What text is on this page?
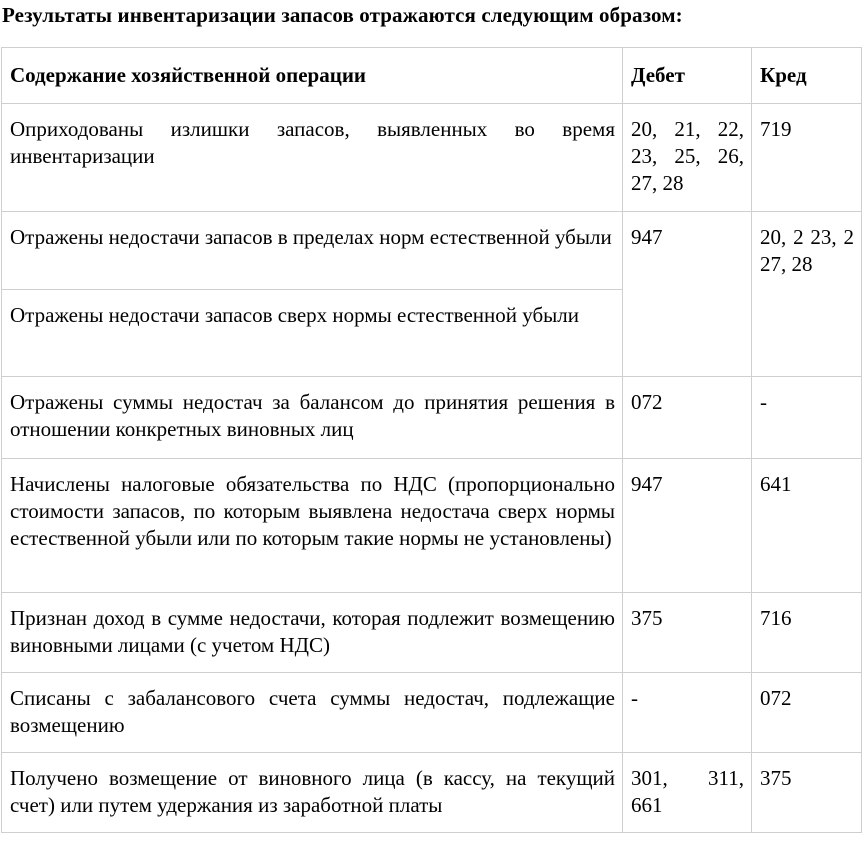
Результаты инвентаризации запасов отражаются следующим образом:
Содержание хозяйственной операции	Дебет	Кред
Оприходованы излишки запасов, выявленных во время инвентаризации	20, 21, 22, 23, 25, 26, 27, 28	719
Отражены недостачи запасов в пределах норм естественной убыли	947	20, 2 23, 2 27, 28
Отражены недостачи запасов сверх нормы естественной убыли		
Отражены суммы недостач за балансом до принятия решения в отношении конкретных виновных лиц	072	-
Начислены налоговые обязательства по НДС (пропорционально стоимости запасов, по которым выявлена недостача сверх нормы естественной убыли или по которым такие нормы не установлены)	947	641
Признан доход в сумме недостачи, которая подлежит возмещению виновными лицами (с учетом НДС)	375	716
Списаны с забалансового счета суммы недостач, подлежащие возмещению	-	072
Получено возмещение от виновного лица (в кассу, на текущий счет) или путем удержания из заработной платы	301, 311, 661	375
